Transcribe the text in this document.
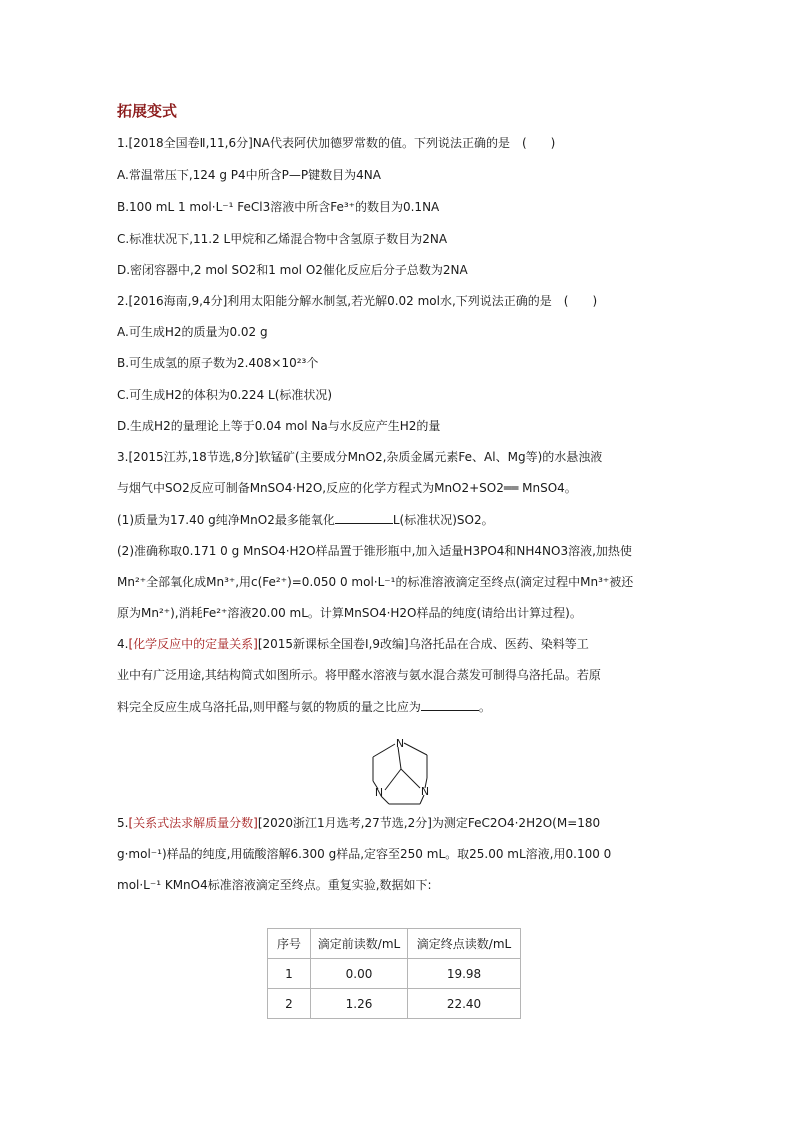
拓展变式
1.[2018全国卷Ⅱ,11,6分]NA代表阿伏加德罗常数的值。下列说法正确的是　(　　)
A.常温常压下,124 g P4中所含P—P键数目为4NA
B.100 mL 1 mol·L⁻¹ FeCl3溶液中所含Fe³⁺的数目为0.1NA
C.标准状况下,11.2 L甲烷和乙烯混合物中含氢原子数目为2NA
D.密闭容器中,2 mol SO2和1 mol O2催化反应后分子总数为2NA
2.[2016海南,9,4分]利用太阳能分解水制氢,若光解0.02 mol水,下列说法正确的是　(　　)
A.可生成H2的质量为0.02 g
B.可生成氢的原子数为2.408×10²³个
C.可生成H2的体积为0.224 L(标准状况)
D.生成H2的量理论上等于0.04 mol Na与水反应产生H2的量
3.[2015江苏,18节选,8分]软锰矿(主要成分MnO2,杂质金属元素Fe、Al、Mg等)的水悬浊液
与烟气中SO2反应可制备MnSO4·H2O,反应的化学方程式为MnO2+SO2══ MnSO4。
(1)质量为17.40 g纯净MnO2最多能氧化	L(标准状况)SO2。
(2)准确称取0.171 0 g MnSO4·H2O样品置于锥形瓶中,加入适量H3PO4和NH4NO3溶液,加热使
Mn²⁺全部氧化成Mn³⁺,用c(Fe²⁺)=0.050 0 mol·L⁻¹的标准溶液滴定至终点(滴定过程中Mn³⁺被还
原为Mn²⁺),消耗Fe²⁺溶液20.00 mL。计算MnSO4·H2O样品的纯度(请给出计算过程)。
4.[化学反应中的定量关系][2015新课标全国卷Ⅰ,9改编]乌洛托品在合成、医药、染料等工
业中有广泛用途,其结构简式如图所示。将甲醛水溶液与氨水混合蒸发可制得乌洛托品。若原
料完全反应生成乌洛托品,则甲醛与氨的物质的量之比应为	。
N
N	N
5.[关系式法求解质量分数][2020浙江1月选考,27节选,2分]为测定FeC2O4·2H2O(M=180
g·mol⁻¹)样品的纯度,用硫酸溶解6.300 g样品,定容至250 mL。取25.00 mL溶液,用0.100 0
mol·L⁻¹ KMnO4标准溶液滴定至终点。重复实验,数据如下:
序号	滴定前读数/mL	滴定终点读数/mL
1	0.00	19.98
2	1.26	22.40
